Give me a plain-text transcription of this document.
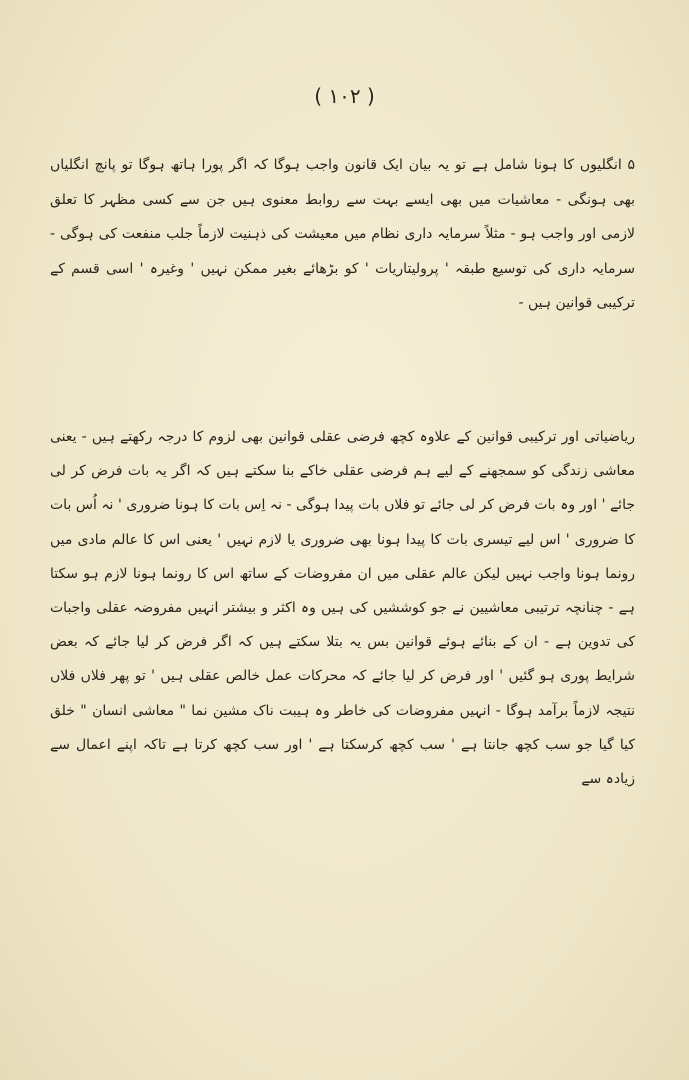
( ۱۰۲ )

۵ انگلیوں کا ہونا شامل ہے تو یہ بیان ایک قانون واجب ہوگا کہ اگر پورا ہاتھ ہوگا تو پانچ انگلیاں بھی ہونگی - معاشیات میں بھی ایسے بہت سے روابط معنوی ہیں جن سے کسی مظہر کا تعلق لازمی اور واجب ہو - مثلاً سرمایہ داری نظام میں معیشت کی ذہنیت لازماً جلب منفعت کی ہوگی - سرمایہ داری کی توسیع طبقہ ' پرولیتاریات ' کو بڑھائے بغیر ممکن نہیں ' وغیرہ ' اسی قسم کے ترکیبی قوانین ہیں -

ریاضیاتی اور ترکیبی قوانین کے علاوہ کچھ فرضی عقلی قوانین بھی لزوم کا درجہ رکھتے ہیں - یعنی معاشی زندگی کو سمجھنے کے لیے ہم فرضی عقلی خاکے بنا سکتے ہیں کہ اگر یہ بات فرض کر لی جائے ' اور وہ بات فرض کر لی جائے تو فلاں بات پیدا ہوگی - نہ اِس بات کا ہونا ضروری ' نہ اُس بات کا ضروری ' اس لیے تیسری بات کا پیدا ہونا بھی ضروری یا لازم نہیں ' یعنی اس کا عالم مادی میں رونما ہونا واجب نہیں لیکن عالم عقلی میں ان مفروضات کے ساتھ اس کا رونما ہونا لازم ہو سکتا ہے - چنانچہ ترتیبی معاشیین نے جو کوششیں کی ہیں وہ اکثر و بیشتر انہیں مفروضہ عقلی واجبات کی تدوین ہے - ان کے بنائے ہوئے قوانین بس یہ بتلا سکتے ہیں کہ اگر فرض کر لیا جائے کہ بعض شرایط پوری ہو گئیں ' اور فرض کر لیا جائے کہ محرکات عمل خالص عقلی ہیں ' تو پھر فلاں فلاں نتیجہ لازماً برآمد ہوگا - انہیں مفروضات کی خاطر وہ ہیبت ناک مشین نما " معاشی انسان " خلق کیا گیا جو سب کچھ جانتا ہے ' سب کچھ کرسکتا ہے ' اور سب کچھ کرتا ہے تاکہ اپنے اعمال سے زیادہ سے
